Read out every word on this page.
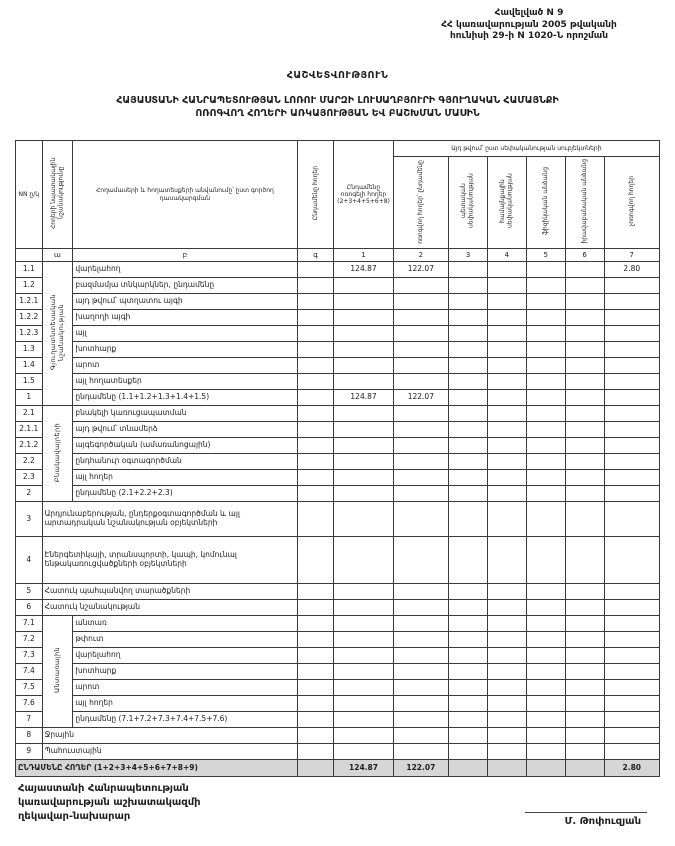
Հավելված N 9
ՀՀ կառավարության 2005 թվականի
հունիսի 29-ի N 1020-Ն որոշման
ՀԱՇՎԵՏՎՈՒԹՅՈՒՆ
ՀԱՅԱՍՏԱՆԻ ՀԱՆՐԱՊԵՏՈՒԹՅԱՆ ԼՈՌՈՒ ՄԱՐԶԻ ԼՈՒՍԱՂԲՅՈՒՐԻ ԳՅՈՒՂԱԿԱՆ ՀԱՄԱՅՆՔԻ
ՈՌՈԳՎՈՂ ՀՈՂԵՐԻ ԱՌԿԱՅՈՒԹՅԱՆ ԵՎ ԲԱՇԽՄԱՆ ՄԱՍԻՆ
NN ը/կ	Հողերի նպատակային նշանակությունը	Հողամասերի և հողատեսքերի անվանումը՝ ըստ գործող դասակարգման	Ընդամենը հողեր	Ընդամենը ոռոգելի հողեր (2+3+4+5+6+8)	Այդ թվում՝ ըստ սեփականության սուբյեկտների					
					ոռոգվող հողեր՝ ընդամենը	պետական սեփականության	համայնքային սեփականության	ֆիզիկական անձանց	իրավաբանական անձանց	չոռոգվող հողեր
	ա	բ	գ	1	2	3	4	5	6	7
1.1	Գյուղատնտեսական նշանակության	վարելահող		124.87	122.07					2.80
1.2		բազմամյա տնկարկներ, ընդամենը								
1.2.1		այդ թվում՝ պտղատու այգի								
1.2.2		խաղողի այգի								
1.2.3		այլ								
1.3		խոտհարք								
1.4		արոտ								
1.5		այլ հողատեսքեր								
1		ընդամենը (1.1+1.2+1.3+1.4+1.5)		124.87	122.07					
2.1	Բնակավայրերի	բնակելի կառուցապատման								
2.1.1		այդ թվում՝ տնամերձ								
2.1.2		այգեգործական (ամառանոցային)								
2.2		ընդհանուր օգտագործման								
2.3		այլ հողեր								
2		ընդամենը (2.1+2.2+2.3)								
3	Արդյունաբերության, ընդերքօգտագործման և այլ արտադրական նշանակության օբյեկտների									
4	Էներգետիկայի, տրանսպորտի, կապի, կոմունալ ենթակառուցվածքների օբյեկտների									
5	Հատուկ պահպանվող տարածքների									
6	Հատուկ նշանակության									
7.1	Անտառային	անտառ								
7.2		թփուտ								
7.3		վարելահող								
7.4		խոտհարք								
7.5		արոտ								
7.6		այլ հողեր								
7		ընդամենը (7.1+7.2+7.3+7.4+7.5+7.6)								
8	Ջրային									
9	Պահուստային									
ԸՆԴԱՄԵՆԸ ՀՈՂԵՐ (1+2+3+4+5+6+7+8+9)				124.87	122.07					2.80
Հայաստանի Հանրապետության
կառավարության աշխատակազմի
ղեկավար-նախարար	Մ. Թոփուզյան
